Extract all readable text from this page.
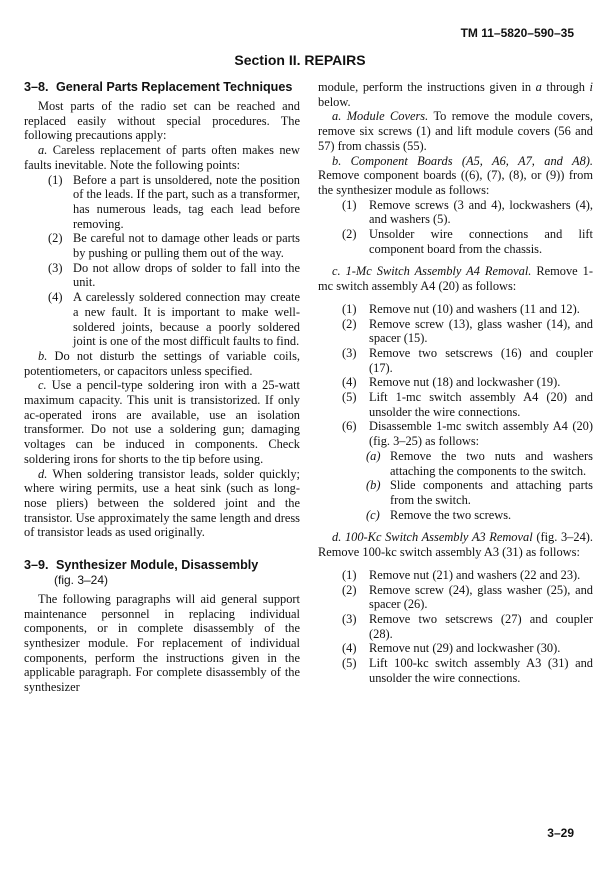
TM 11–5820–590–35
Section II. REPAIRS
3–8. General Parts Replacement Techniques

Most parts of the radio set can be reached and replaced easily without special procedures. The following precautions apply:

a. Careless replacement of parts often makes new faults inevitable. Note the following points:

(1) Before a part is unsoldered, note the position of the leads. If the part, such as a transformer, has numerous leads, tag each lead before removing.
(2) Be careful not to damage other leads or parts by pushing or pulling them out of the way.
(3) Do not allow drops of solder to fall into the unit.
(4) A carelessly soldered connection may create a new fault. It is important to make well-soldered joints, because a poorly soldered joint is one of the most difficult faults to find.

b. Do not disturb the settings of variable coils, potentiometers, or capacitors unless specified.

c. Use a pencil-type soldering iron with a 25-watt maximum capacity. This unit is transistorized. If only ac-operated irons are available, use an isolation transformer. Do not use a soldering gun; damaging voltages can be induced in components. Check soldering irons for shorts to the tip before using.

d. When soldering transistor leads, solder quickly; where wiring permits, use a heat sink (such as long-nose pliers) between the soldered joint and the transistor. Use approximately the same length and dress of transistor leads as used originally.

3–9. Synthesizer Module, Disassembly
(fig. 3–24)

The following paragraphs will aid general support maintenance personnel in replacing individual components, or in complete disassembly of the synthesizer module. For replacement of individual components, perform the instructions given in the applicable paragraph. For complete disassembly of the synthesizer

module, perform the instructions given in a through i below.

a. Module Covers. To remove the module covers, remove six screws (1) and lift module covers (56 and 57) from chassis (55).

b. Component Boards (A5, A6, A7, and A8). Remove component boards ((6), (7), (8), or (9)) from the synthesizer module as follows:

(1)	Remove screws (3 and 4), lockwashers (4), and washers (5).
(2)	Unsolder wire connections and lift component board from the chassis.

c. 1-Mc Switch Assembly A4 Removal. Remove 1-mc switch assembly A4 (20) as follows:

(1)	Remove nut (10) and washers (11 and 12).
(2)	Remove screw (13), glass washer (14), and spacer (15).
(3)	Remove two setscrews (16) and coupler (17).
(4)	Remove nut (18) and lockwasher (19).
(5)	Lift 1-mc switch assembly A4 (20) and unsolder the wire connections.
(6)	Disassemble 1-mc switch assembly A4 (20) (fig. 3–25) as follows:
(a) Remove the two nuts and washers attaching the components to the switch.
(b) Slide components and attaching parts from the switch.
(c) Remove the two screws.

d. 100-Kc Switch Assembly A3 Removal (fig. 3–24). Remove 100-kc switch assembly A3 (31) as follows:

(1)	Remove nut (21) and washers (22 and 23).
(2)	Remove screw (24), glass washer (25), and spacer (26).
(3)	Remove two setscrews (27) and coupler (28).
(4)	Remove nut (29) and lockwasher (30).
(5)	Lift 100-kc switch assembly A3 (31) and unsolder the wire connections.
3–29
